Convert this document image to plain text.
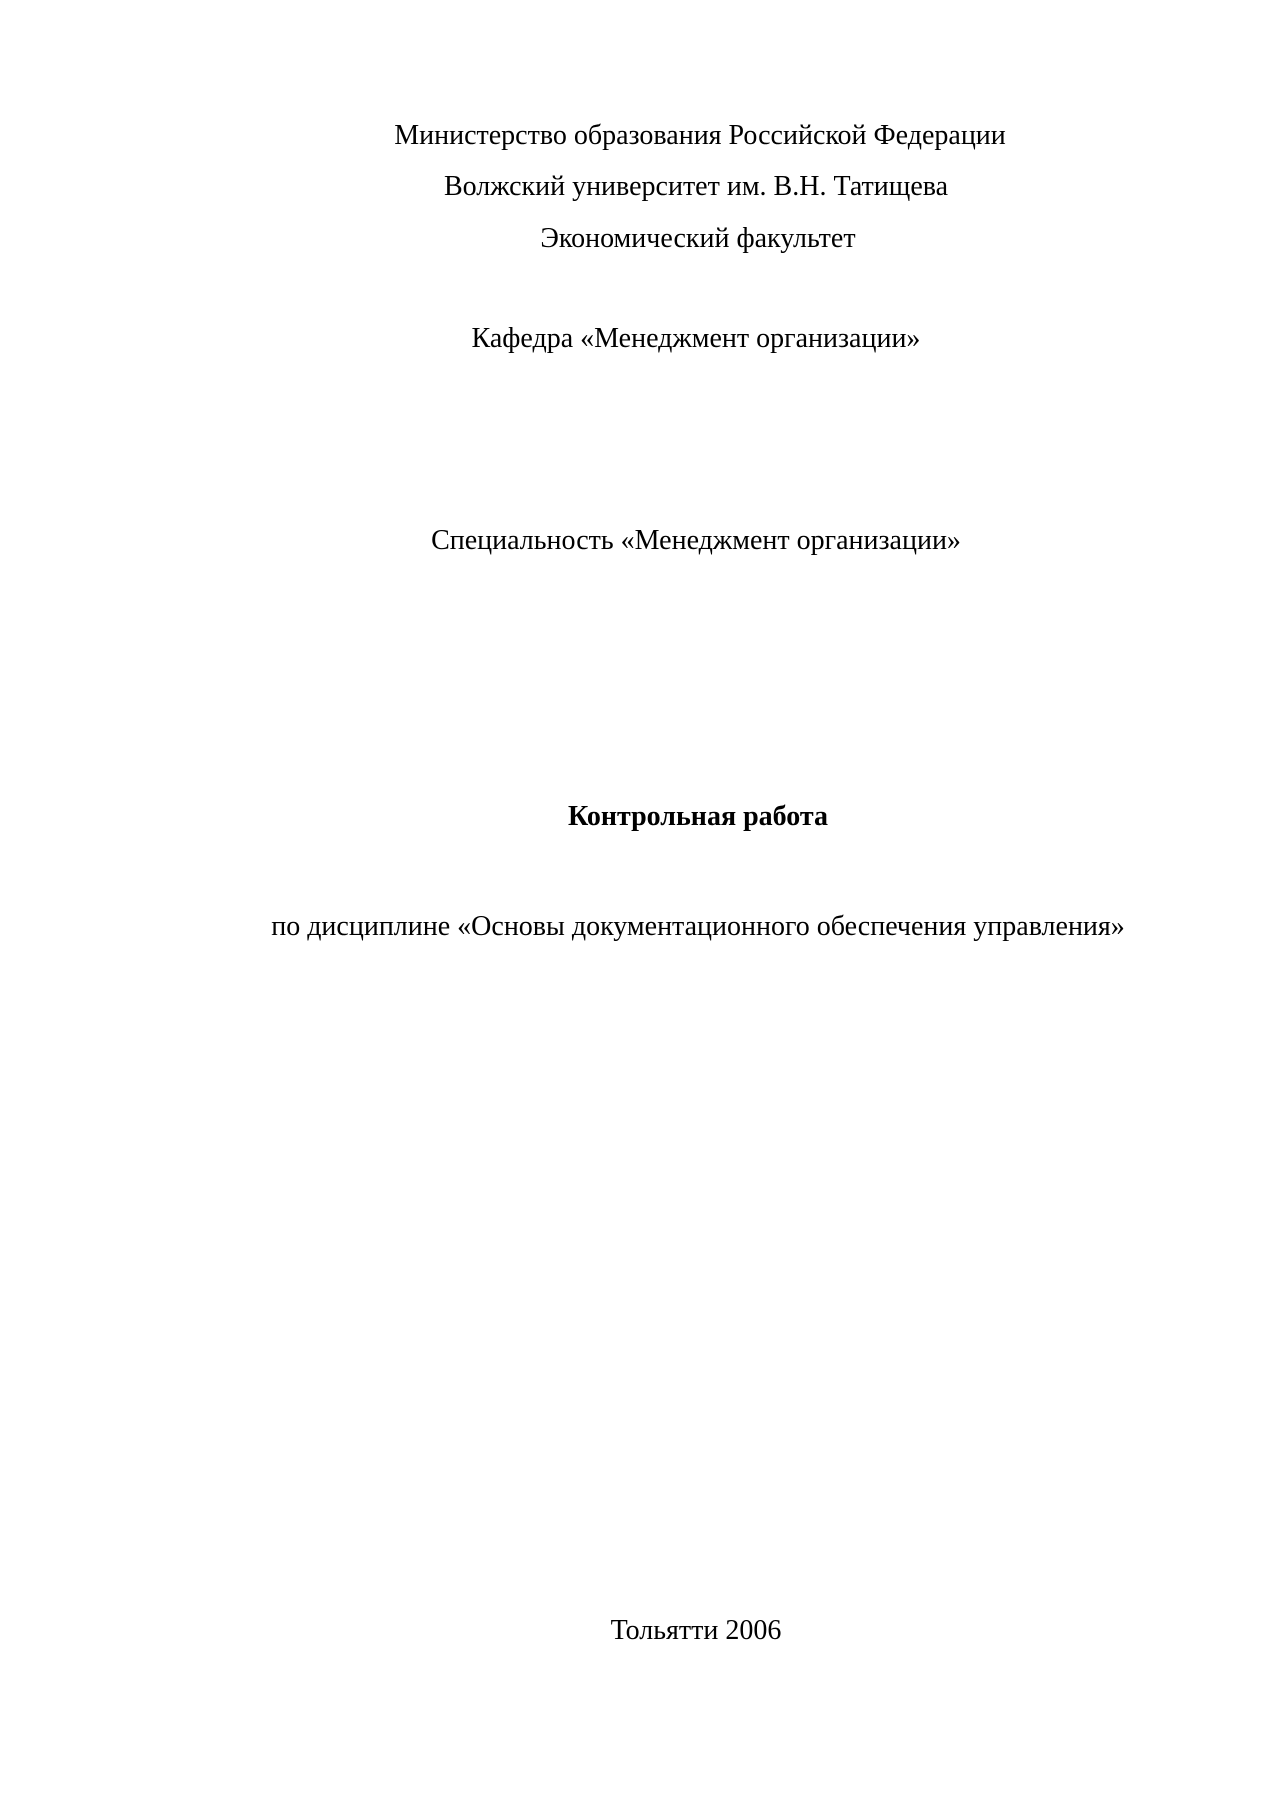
Министерство образования Российской Федерации
Волжский университет им. В.Н. Татищева
Экономический факультет
Кафедра «Менеджмент организации»
Специальность «Менеджмент организации»
Контрольная работа
по дисциплине «Основы документационного обеспечения управления»
Тольятти 2006
